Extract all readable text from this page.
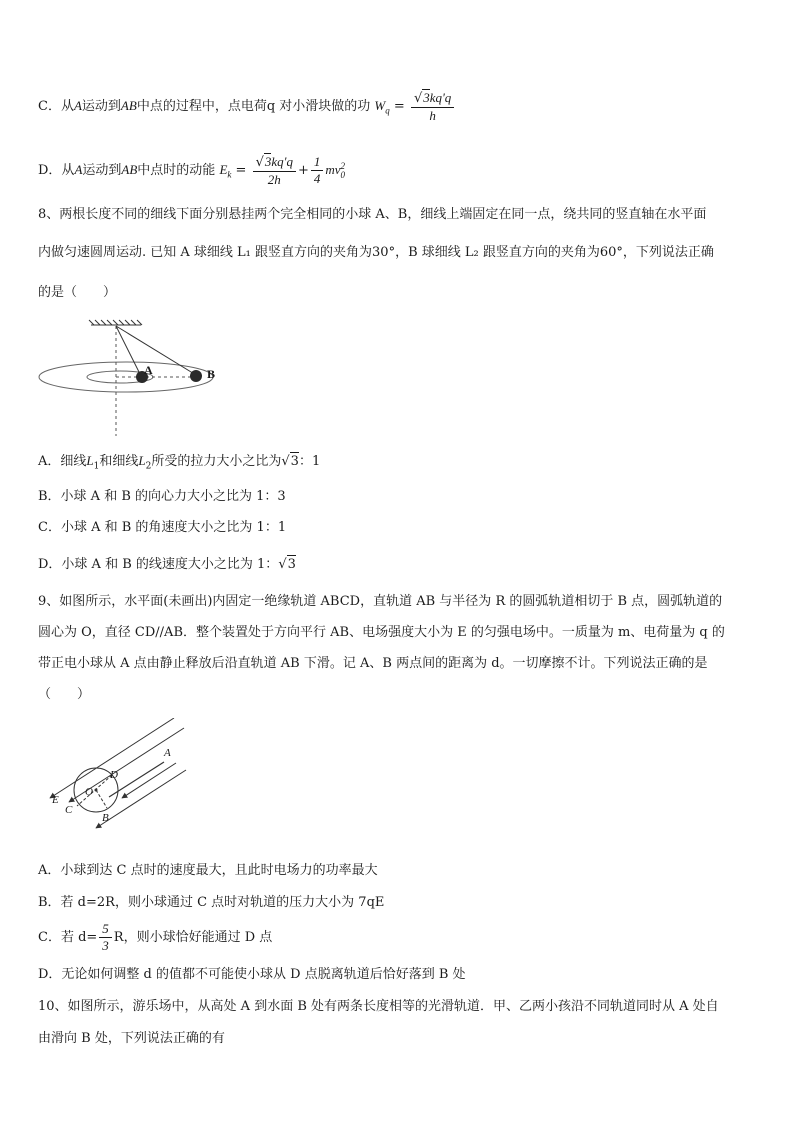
C．从A运动到AB中点的过程中，点电荷q 对小滑块做的功 $W_q = \frac{√3kq'q}{h}$
D．从A运动到AB中点时的动能 $E_k = \frac{√3kq'q}{2h} + \frac{1}{4}$ mv 2
0
8、两根长度不同的细线下面分别悬挂两个完全相同的小球 A、B，细线上端固定在同一点，绕共同的竖直轴在水平面
内做匀速圆周运动. 已知 A 球细线 L₁ 跟竖直方向的夹角为30°，B 球细线 L₂ 跟竖直方向的夹角为60°，下列说法正确
的是（　　）
A	B
A．细线$L_1$和细线$L_2$所受的拉力大小之比为√3：1
B．小球 A 和 B 的向心力大小之比为 1：3
C．小球 A 和 B 的角速度大小之比为 1：1
D．小球 A 和 B 的线速度大小之比为 1：√3
9、如图所示，水平面(未画出)内固定一绝缘轨道 ABCD，直轨道 AB 与半径为 R 的圆弧轨道相切于 B 点，圆弧轨道的
圆心为 O，直径 CD//AB．整个装置处于方向平行 AB、电场强度大小为 E 的匀强电场中。一质量为 m、电荷量为 q 的
带正电小球从 A 点由静止释放后沿直轨道 AB 下滑。记 A、B 两点间的距离为 d。一切摩擦不计。下列说法正确的是
（　　）
A
D
O
E
C
B
A．小球到达 C 点时的速度最大，且此时电场力的功率最大
B．若 d=2R，则小球通过 C 点时对轨道的压力大小为 7qE
C．若 $d= \frac{5}{3}$ R，则小球恰好能通过 D 点
D．无论如何调整 d 的值都不可能使小球从 D 点脱离轨道后恰好落到 B 处
10、如图所示，游乐场中，从高处 A 到水面 B 处有两条长度相等的光滑轨道．甲、乙两小孩沿不同轨道同时从 A 处自
由滑向 B 处，下列说法正确的有
